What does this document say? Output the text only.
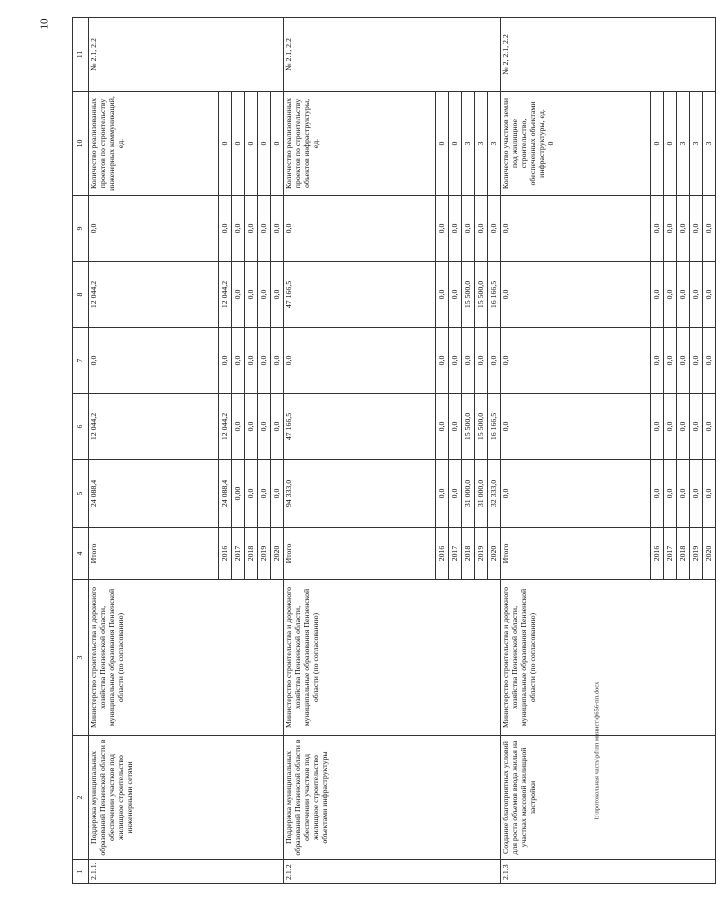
10
1	2	3	4	5	6	7	8	9	10	11
2.1.1.	Поддержка муниципальных образований Пензенской области в обеспечении участков под жилищное строительство инженерными сетями	Министерство строительства и дорожного хозяйства Пензенской области, муниципальные образования Пензенской области (по согласованию)	Итого	24 088,4	12 044,2	0,0	12 044,2	0,0	Количество реализованных проектов по строительству инженерных коммуникаций, ед.	№ 2.1, 2.2
			2016	24 088,4	12 044,2	0,0	12 044,2	0,0	0	
			2017	0,00	0,0	0,0	0,0	0,0	0	
			2018	0,0	0,0	0,0	0,0	0,0	0	
			2019	0,0	0,0	0,0	0,0	0,0	0	
			2020	0,0	0,0	0,0	0,0	0,0	0	
2.1.2	Поддержка муниципальных образований Пензенской области в обеспечении участков под жилищное строительство объектами инфраструктуры	Министерство строительства и дорожного хозяйства Пензенской области, муниципальные образования Пензенской области (по согласованию)	Итого	94 333,0	47 166,5	0,0	47 166,5	0,0	Количество реализованных проектов по строительству объектов инфраструктуры, ед.	№ 2.1, 2.2
			2016	0,0	0,0	0,0	0,0	0,0	0	
			2017	0,0	0,0	0,0	0,0	0,0	0	
			2018	31 000,0	15 500,0	0,0	15 500,0	0,0	3	
			2019	31 000,0	15 500,0	0,0	15 500,0	0,0	3	
			2020	32 333,0	16 166,5	0,0	16 166,5	0,0	3	
2.1.3	Создание благоприятных условий для роста объемов ввода жилья на участках массовой жилищной застройки	Министерство строительства и дорожного хозяйства Пензенской области, муниципальные образования Пензенской области (по согласованию)	Итого	0,0	0,0	0,0	0,0	0,0	Количество участков земли под жилищное строительство, обеспеченных объектами инфраструктуры, ед. 0	№ 2, 2.1, 2.2
			2016	0,0	0,0	0,0	0,0	0,0	0	
			2017	0,0	0,0	0,0	0,0	0,0	0	
			2018	0,0	0,0	0,0	0,0	0,0	3	
			2019	0,0	0,0	0,0	0,0	0,0	3	
			2020	0,0	0,0	0,0	0,0	0,0	3	
I:\протокольная часть\pd\пп минист\ф656-пп.docx
